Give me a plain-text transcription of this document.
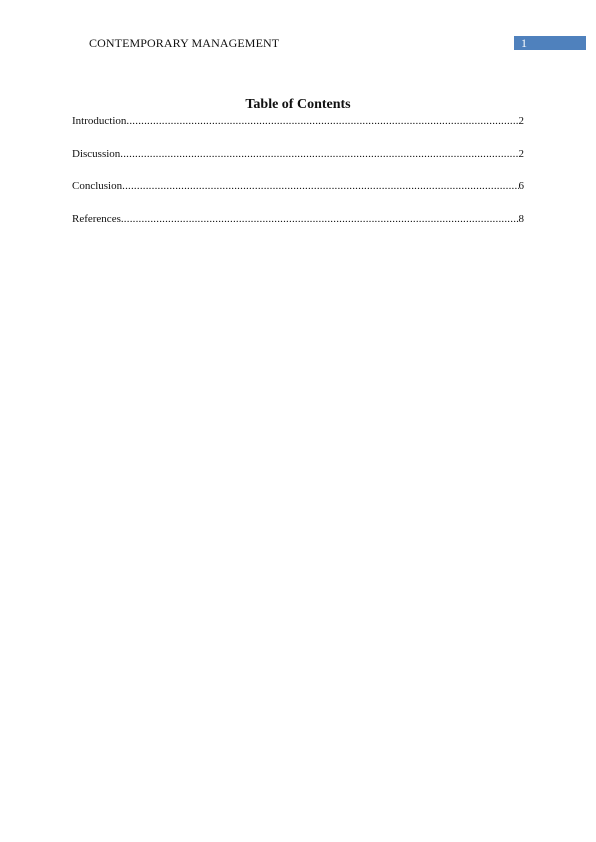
CONTEMPORARY MANAGEMENT	1
Table of Contents
Introduction .....	2
Discussion .....	2
Conclusion .....	6
References .....	8
